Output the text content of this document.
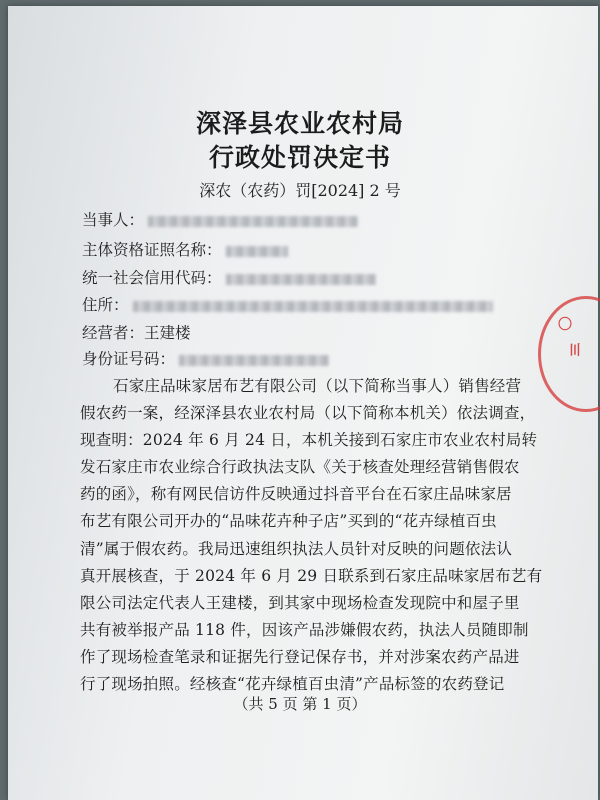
深泽县农业农村局
行政处罚决定书
深农（农药）罚[2024] 2 号
当事人：
主体资格证照名称：
统一社会信用代码：
住所：
经营者：王建楼
身份证号码：
石家庄品味家居布艺有限公司（以下简称当事人）销售经营
假农药一案，经深泽县农业农村局（以下简称本机关）依法调查，
现查明：2024 年 6 月 24 日，本机关接到石家庄市农业农村局转
发石家庄市农业综合行政执法支队《关于核查处理经营销售假农
药的函》，称有网民信访件反映通过抖音平台在石家庄品味家居
布艺有限公司开办的“品味花卉种子店”买到的“花卉绿植百虫
清”属于假农药。我局迅速组织执法人员针对反映的问题依法认
真开展核查，于 2024 年 6 月 29 日联系到石家庄品味家居布艺有
限公司法定代表人王建楼，到其家中现场检查发现院中和屋子里
共有被举报产品 118 件，因该产品涉嫌假农药，执法人员随即制
作了现场检查笔录和证据先行登记保存书，并对涉案农药产品进
行了现场拍照。经核查“花卉绿植百虫清”产品标签的农药登记
（共 5 页 第 1 页）
〇
〣
